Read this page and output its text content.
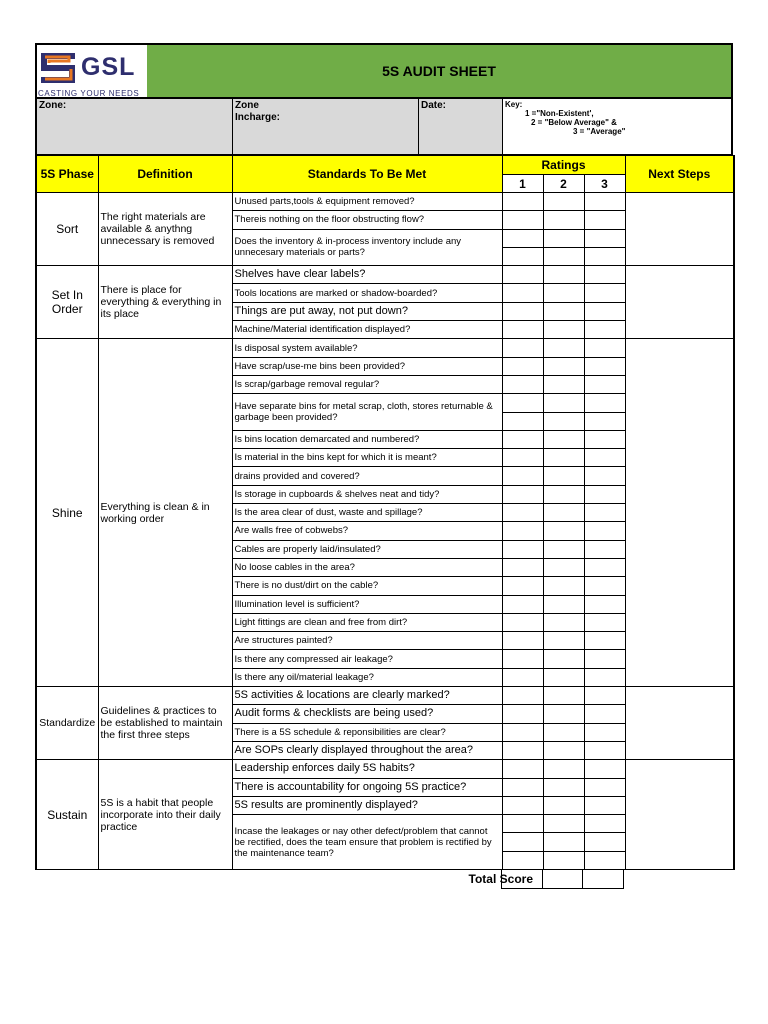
GSL
CASTING YOUR NEEDS
5S AUDIT SHEET
Zone:	Zone
Incharge:
Date:	Key:
1 ="Non-Existent',
2 = "Below Average" &
3 = "Average"
5S Phase	Definition	Standards To Be Met	Ratings			Next Steps
			1	2	3	
Sort	The right materials are available & anythng unnecessary is removed	Unused parts,tools & equipment removed?				
		Thereis nothing on the floor obstructing flow?				
		Does the inventory & in-process inventory include any unnecesary materials or parts?				

Set In Order	There is place for everything & everything in its place	Shelves have clear labels?				
		Tools locations are marked or shadow-boarded?				
		Things are put away, not put down?				
		Machine/Material identification displayed?				
Shine	Everything is clean & in working order	Is disposal system available?				
		Have scrap/use-me bins been provided?				
		Is scrap/garbage removal regular?				
		Have separate bins for metal scrap, cloth, stores returnable & garbage been provided?				

		Is bins location demarcated and numbered?				
		Is material in the bins kept for which it is meant?				
		drains provided and covered?				
		Is storage in cupboards & shelves neat and tidy?				
		Is the area clear of dust, waste and spillage?				
		Are walls free of cobwebs?				
		Cables are properly laid/insulated?				
		No loose cables in the area?				
		There is no dust/dirt on the cable?				
		Illumination level is sufficient?				
		Light fittings are clean and free from dirt?				
		Are structures painted?				
		Is there any compressed air leakage?				
		Is there any oil/material leakage?				
Standardize	Guidelines & practices to be established to maintain the first three steps	5S activities & locations are clearly marked?				
		Audit forms & checklists are being used?				
		There is a 5S schedule & reponsibilities are clear?				
		Are SOPs clearly displayed throughout the area?				
Sustain	5S is a habit that people incorporate into their daily practice	Leadership enforces daily 5S habits?				
		There is accountability for ongoing 5S practice?				
		5S results are prominently displayed?				
		Incase the leakages or nay other defect/problem that cannot be rectified, does the team ensure that problem is rectified by the maintenance team?				

Total Score
